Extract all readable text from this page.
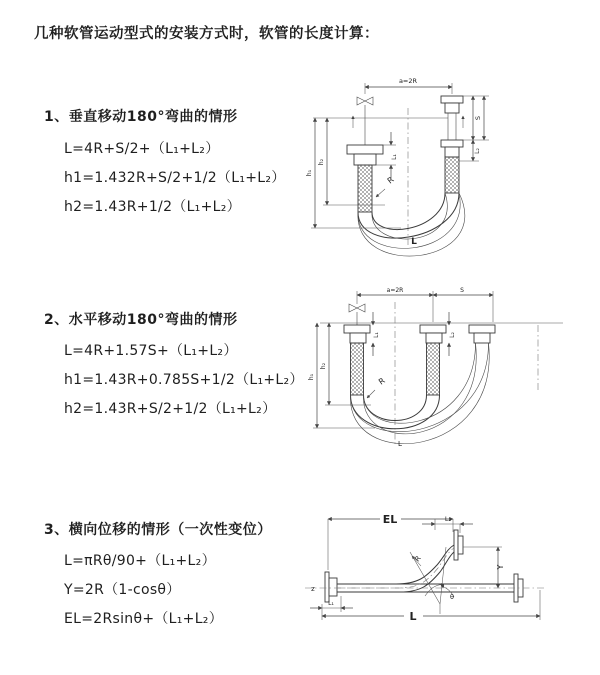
几种软管运动型式的安装方式时，软管的长度计算：
1、垂直移动180°弯曲的情形
L=4R+S/2+（L₁+L₂）
h1=1.432R+S/2+1/2（L₁+L₂）
h2=1.43R+1/2（L₁+L₂）
2、水平移动180°弯曲的情形
L=4R+1.57S+（L₁+L₂）
h1=1.43R+0.785S+1/2（L₁+L₂）
h2=1.43R+S/2+1/2（L₁+L₂）
3、横向位移的情形（一次性变位）
L=πRθ/90+（L₁+L₂）
Y=2R（1-cosθ）
EL=2Rsinθ+（L₁+L₂）
a=2R
L₁
S
L₂
R
h₁
h₂
L
a=2R	S
L₁	L₂
h₁
h₂
R
L
EL	L₂
Y
z
R
θ
L₁
L
